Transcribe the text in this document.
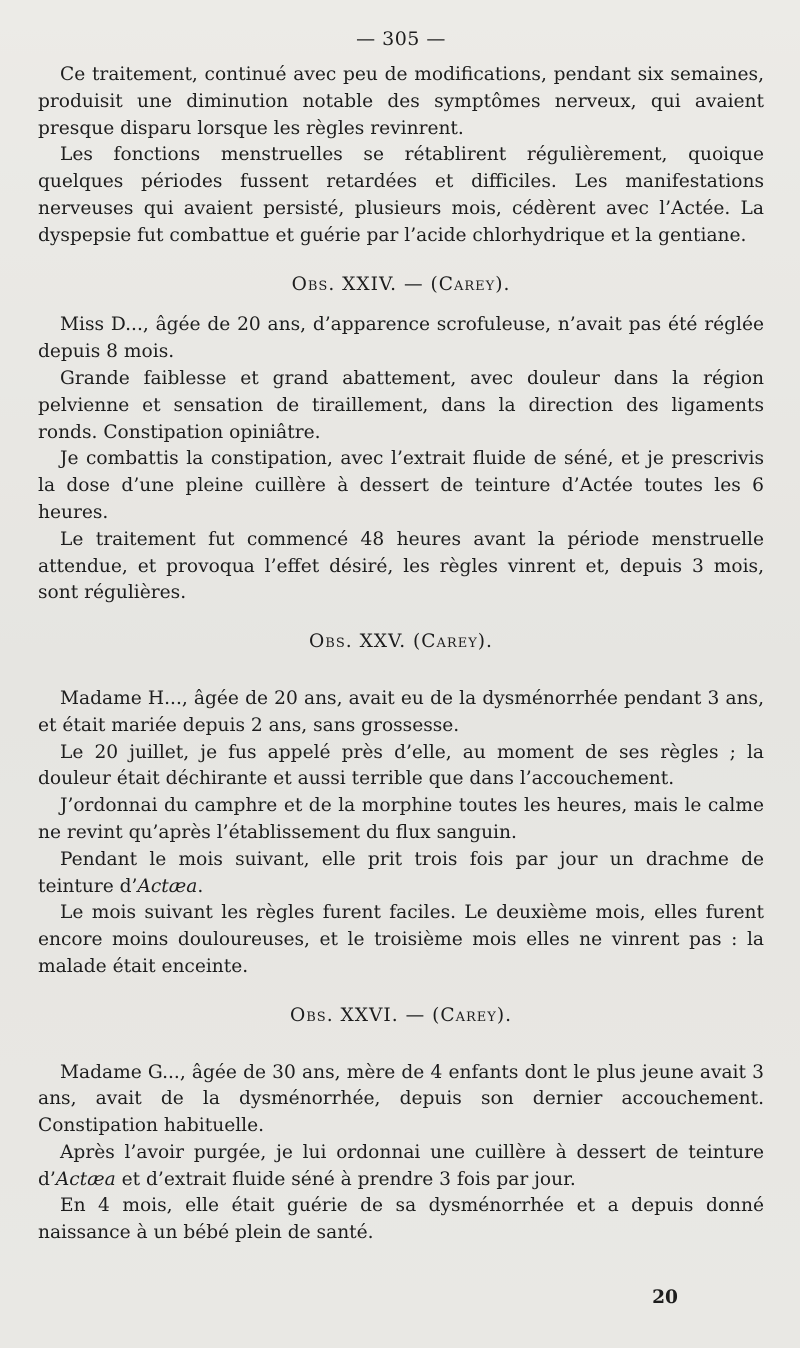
— 305 —

Ce traitement, continué avec peu de modifications, pendant six semaines, produisit une diminution notable des symptômes nerveux, qui avaient presque disparu lorsque les règles revinrent.

Les fonctions menstruelles se rétablirent régulièrement, quoique quelques périodes fussent retardées et difficiles. Les manifestations nerveuses qui avaient persisté, plusieurs mois, cédèrent avec l’Actée. La dyspepsie fut combattue et guérie par l’acide chlorhydrique et la gentiane.

Obs. XXIV. — (Carey).

Miss D..., âgée de 20 ans, d’apparence scrofuleuse, n’avait pas été réglée depuis 8 mois.

Grande faiblesse et grand abattement, avec douleur dans la région pelvienne et sensation de tiraillement, dans la direction des ligaments ronds. Constipation opiniâtre.

Je combattis la constipation, avec l’extrait fluide de séné, et je prescrivis la dose d’une pleine cuillère à dessert de teinture d’Actée toutes les 6 heures.

Le traitement fut commencé 48 heures avant la période menstruelle attendue, et provoqua l’effet désiré, les règles vinrent et, depuis 3 mois, sont régulières.

Obs. XXV. (Carey).

Madame H..., âgée de 20 ans, avait eu de la dysménorrhée pendant 3 ans, et était mariée depuis 2 ans, sans grossesse.

Le 20 juillet, je fus appelé près d’elle, au moment de ses règles ; la douleur était déchirante et aussi terrible que dans l’accouchement.

J’ordonnai du camphre et de la morphine toutes les heures, mais le calme ne revint qu’après l’établissement du flux sanguin.

Pendant le mois suivant, elle prit trois fois par jour un drachme de teinture d’Actæa.

Le mois suivant les règles furent faciles. Le deuxième mois, elles furent encore moins douloureuses, et le troisième mois elles ne vinrent pas : la malade était enceinte.

Obs. XXVI. — (Carey).

Madame G..., âgée de 30 ans, mère de 4 enfants dont le plus jeune avait 3 ans, avait de la dysménorrhée, depuis son dernier accouchement. Constipation habituelle.

Après l’avoir purgée, je lui ordonnai une cuillère à dessert de teinture d’Actæa et d’extrait fluide séné à prendre 3 fois par jour.

En 4 mois, elle était guérie de sa dysménorrhée et a depuis donné naissance à un bébé plein de santé.

20
